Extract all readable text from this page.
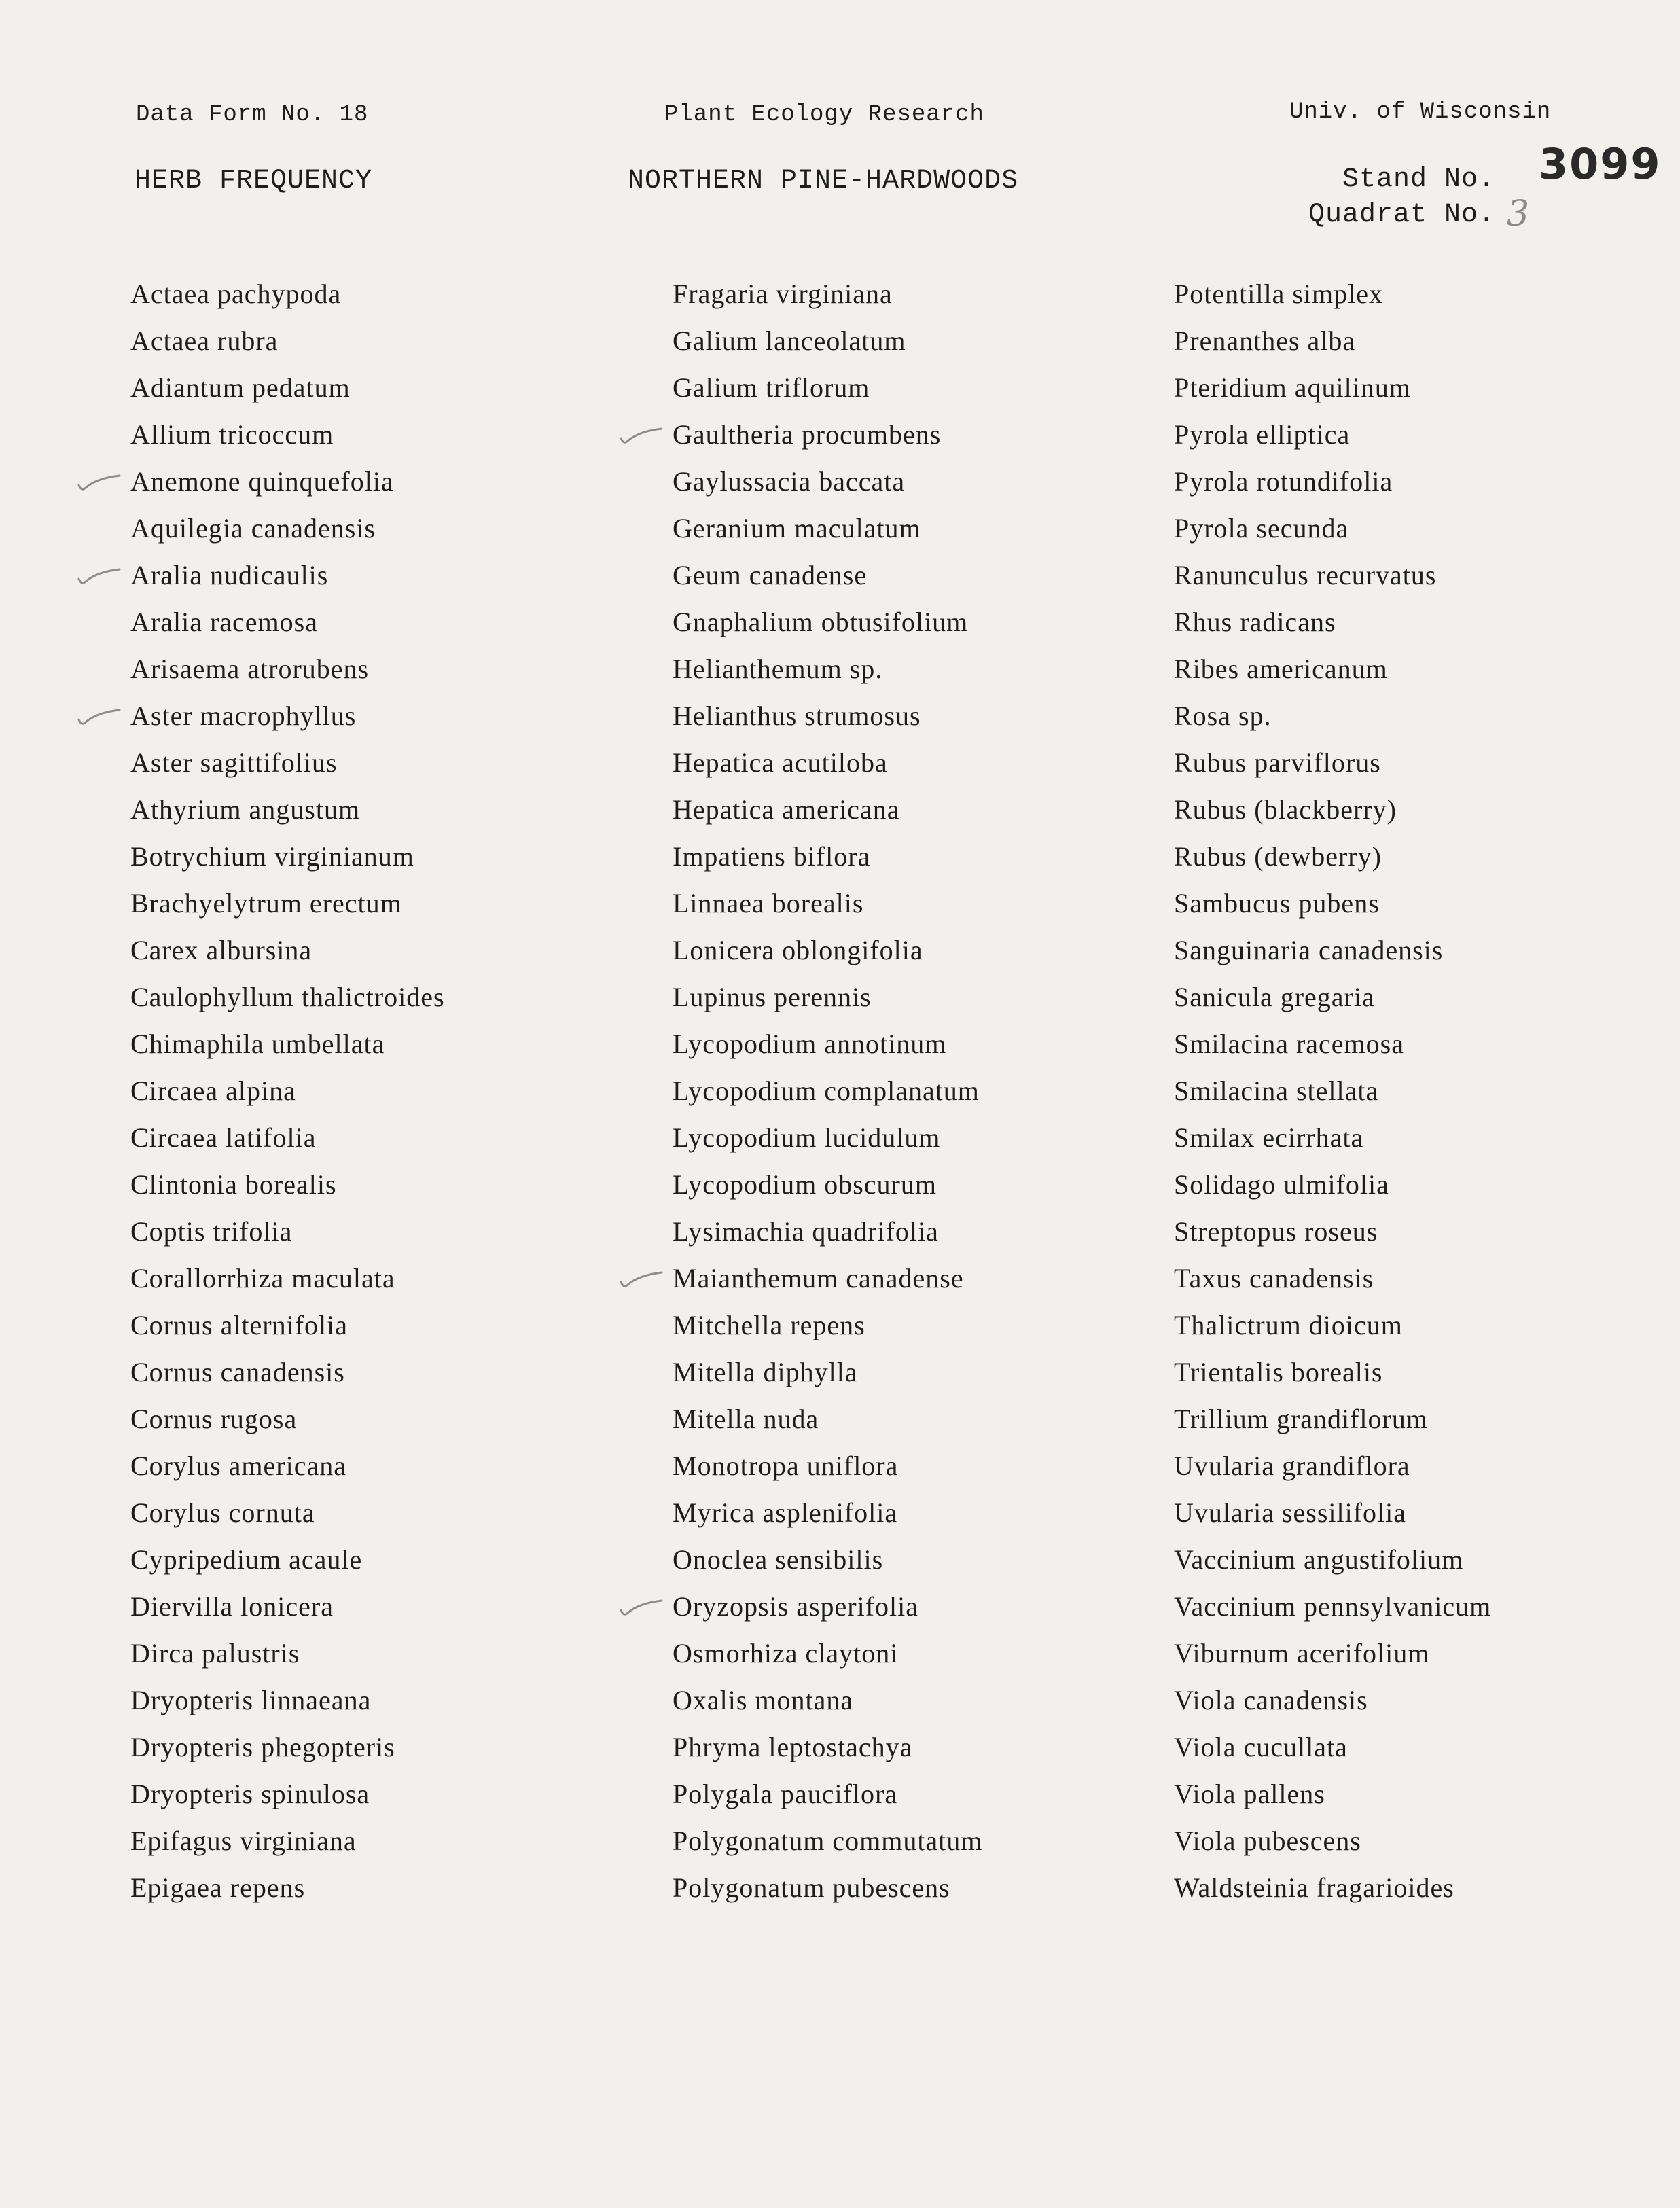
Data Form No. 18	Plant Ecology Research	Univ. of Wisconsin
HERB FREQUENCY	NORTHERN PINE-HARDWOODS	Stand No.
Quadrat No.
3099
3
Actaea pachypoda
Actaea rubra
Adiantum pedatum
Allium tricoccum
Anemone quinquefolia
Aquilegia canadensis
Aralia nudicaulis
Aralia racemosa
Arisaema atrorubens
Aster macrophyllus
Aster sagittifolius
Athyrium angustum
Botrychium virginianum
Brachyelytrum erectum
Carex albursina
Caulophyllum thalictroides
Chimaphila umbellata
Circaea alpina
Circaea latifolia
Clintonia borealis
Coptis trifolia
Corallorrhiza maculata
Cornus alternifolia
Cornus canadensis
Cornus rugosa
Corylus americana
Corylus cornuta
Cypripedium acaule
Diervilla lonicera
Dirca palustris
Dryopteris linnaeana
Dryopteris phegopteris
Dryopteris spinulosa
Epifagus virginiana
Epigaea repens
Fragaria virginiana
Galium lanceolatum
Galium triflorum
Gaultheria procumbens
Gaylussacia baccata
Geranium maculatum
Geum canadense
Gnaphalium obtusifolium
Helianthemum sp.
Helianthus strumosus
Hepatica acutiloba
Hepatica americana
Impatiens biflora
Linnaea borealis
Lonicera oblongifolia
Lupinus perennis
Lycopodium annotinum
Lycopodium complanatum
Lycopodium lucidulum
Lycopodium obscurum
Lysimachia quadrifolia
Maianthemum canadense
Mitchella repens
Mitella diphylla
Mitella nuda
Monotropa uniflora
Myrica asplenifolia
Onoclea sensibilis
Oryzopsis asperifolia
Osmorhiza claytoni
Oxalis montana
Phryma leptostachya
Polygala pauciflora
Polygonatum commutatum
Polygonatum pubescens
Potentilla simplex
Prenanthes alba
Pteridium aquilinum
Pyrola elliptica
Pyrola rotundifolia
Pyrola secunda
Ranunculus recurvatus
Rhus radicans
Ribes americanum
Rosa sp.
Rubus parviflorus
Rubus (blackberry)
Rubus (dewberry)
Sambucus pubens
Sanguinaria canadensis
Sanicula gregaria
Smilacina racemosa
Smilacina stellata
Smilax ecirrhata
Solidago ulmifolia
Streptopus roseus
Taxus canadensis
Thalictrum dioicum
Trientalis borealis
Trillium grandiflorum
Uvularia grandiflora
Uvularia sessilifolia
Vaccinium angustifolium
Vaccinium pennsylvanicum
Viburnum acerifolium
Viola canadensis
Viola cucullata
Viola pallens
Viola pubescens
Waldsteinia fragarioides
